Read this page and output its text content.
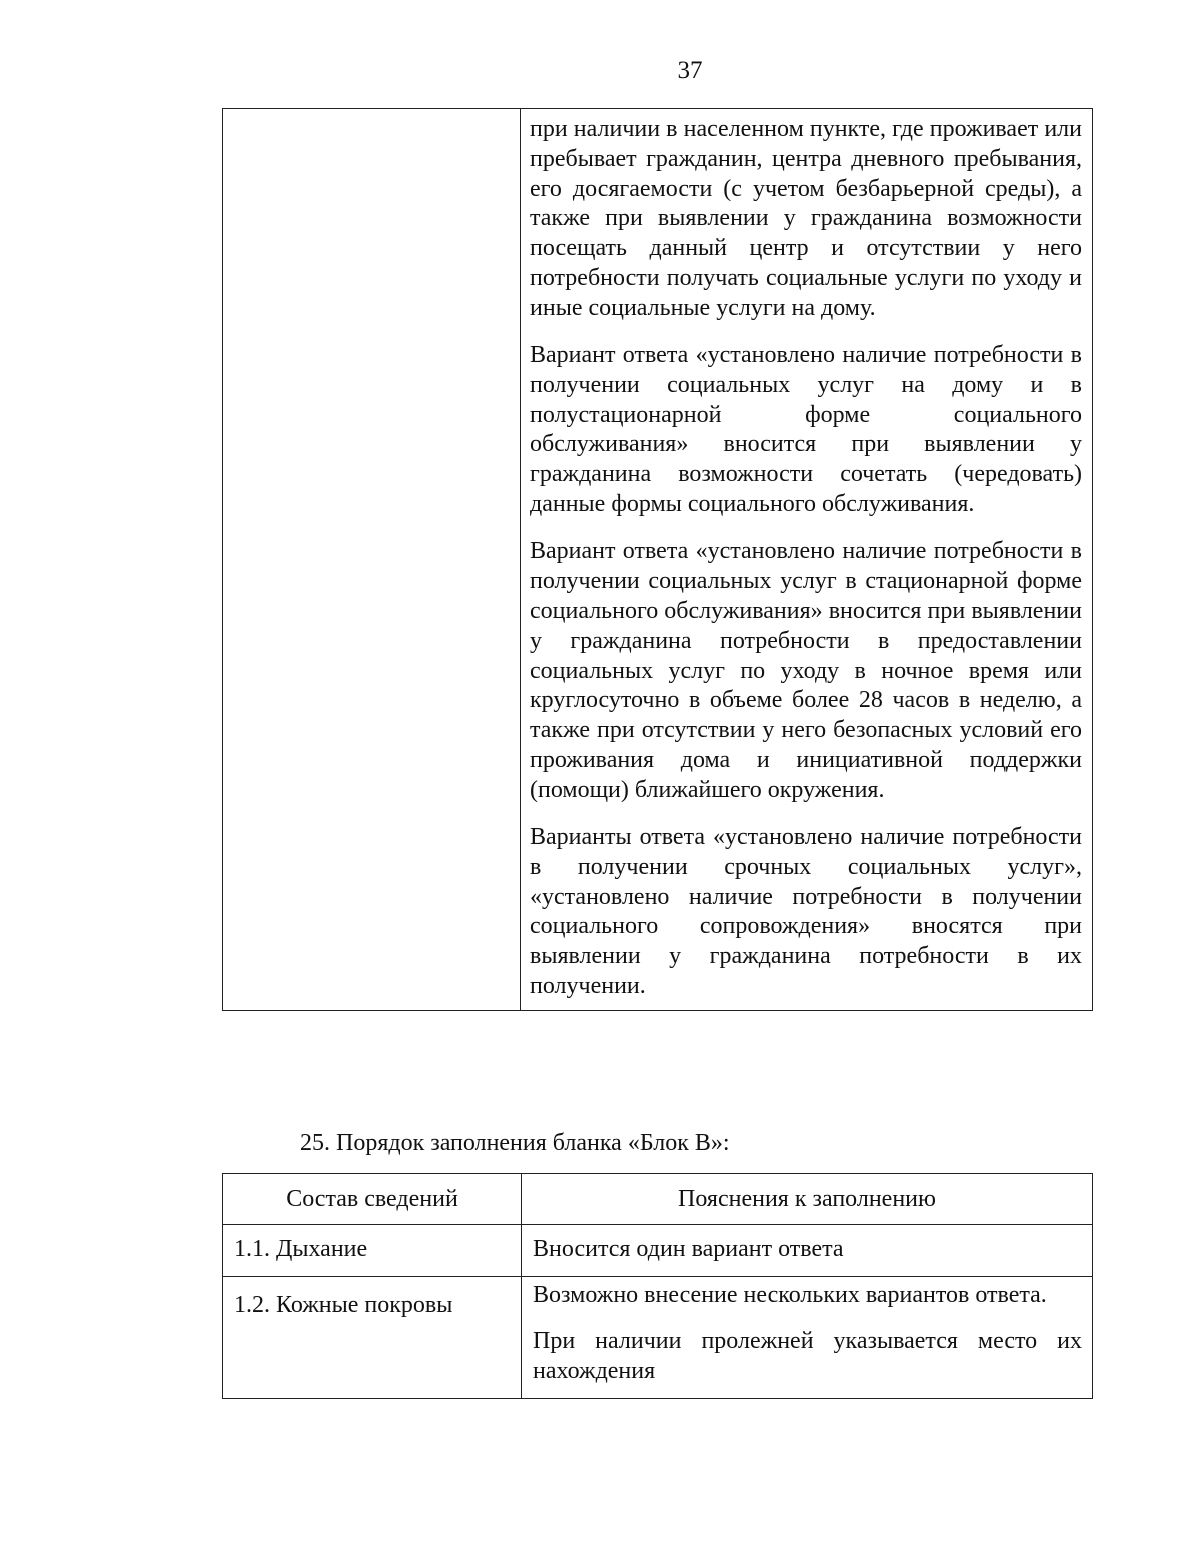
37

при наличии в населенном пункте, где проживает или пребывает гражданин, центра дневного пребывания, его досягаемости (с учетом безбарьерной среды), а также при выявлении у гражданина возможности посещать данный центр и отсутствии у него потребности получать социальные услуги по уходу и иные социальные услуги на дому.

Вариант ответа «установлено наличие потребности в получении социальных услуг на дому и в полустационарной форме социального обслуживания» вносится при выявлении у гражданина возможности сочетать (чередовать) данные формы социального обслуживания.

Вариант ответа «установлено наличие потребности в получении социальных услуг в стационарной форме социального обслуживания» вносится при выявлении у гражданина потребности в предоставлении социальных услуг по уходу в ночное время или круглосуточно в объеме более 28 часов в неделю, а также при отсутствии у него безопасных условий его проживания дома и инициативной поддержки (помощи) ближайшего окружения.

Варианты ответа «установлено наличие потребности в получении срочных социальных услуг», «установлено наличие потребности в получении социального сопровождения» вносятся при выявлении у гражданина потребности в их получении.

25. Порядок заполнения бланка «Блок В»:

Состав сведений	Пояснения к заполнению
1.1. Дыхание	Вносится один вариант ответа

1.2. Кожные покровы	Возможно внесение нескольких вариантов ответа.

При наличии пролежней указывается место их нахождения
